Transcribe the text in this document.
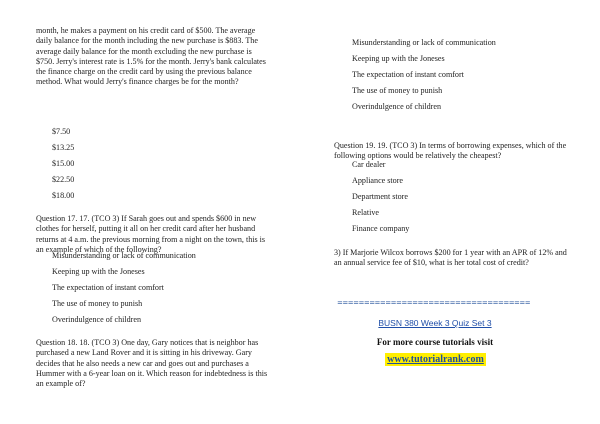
month, he makes a payment on his credit card of $500. The average daily balance for the month including the new purchase is $883. The average daily balance for the month excluding the new purchase is $750. Jerry's interest rate is 1.5% for the month. Jerry's bank calculates the finance charge on the credit card by using the previous balance method. What would Jerry's finance charges be for the month?

$7.50
$13.25
$15.00
$22.50
$18.00

Question 17. 17. (TCO 3) If Sarah goes out and spends $600 in new clothes for herself, putting it all on her credit card after her husband returns at 4 a.m. the previous morning from a night on the town, this is an example of which of the following?

Misunderstanding or lack of communication
Keeping up with the Joneses
The expectation of instant comfort
The use of money to punish
Overindulgence of children

Question 18. 18. (TCO 3) One day, Gary notices that is neighbor has purchased a new Land Rover and it is sitting in his driveway. Gary decides that he also needs a new car and goes out and purchases a Hummer with a 6-year loan on it. Which reason for indebtedness is this an example of?

Misunderstanding or lack of communication
Keeping up with the Joneses
The expectation of instant comfort
The use of money to punish
Overindulgence of children

Question 19. 19. (TCO 3) In terms of borrowing expenses, which of the following options would be relatively the cheapest?

Car dealer
Appliance store
Department store
Relative
Finance company

3) If Marjorie Wilcox borrows $200 for 1 year with an APR of 12% and an annual service fee of $10, what is her total cost of credit?

====================================
BUSN 380 Week 3 Quiz Set 3
For more course tutorials visit
www.tutorialrank.com
